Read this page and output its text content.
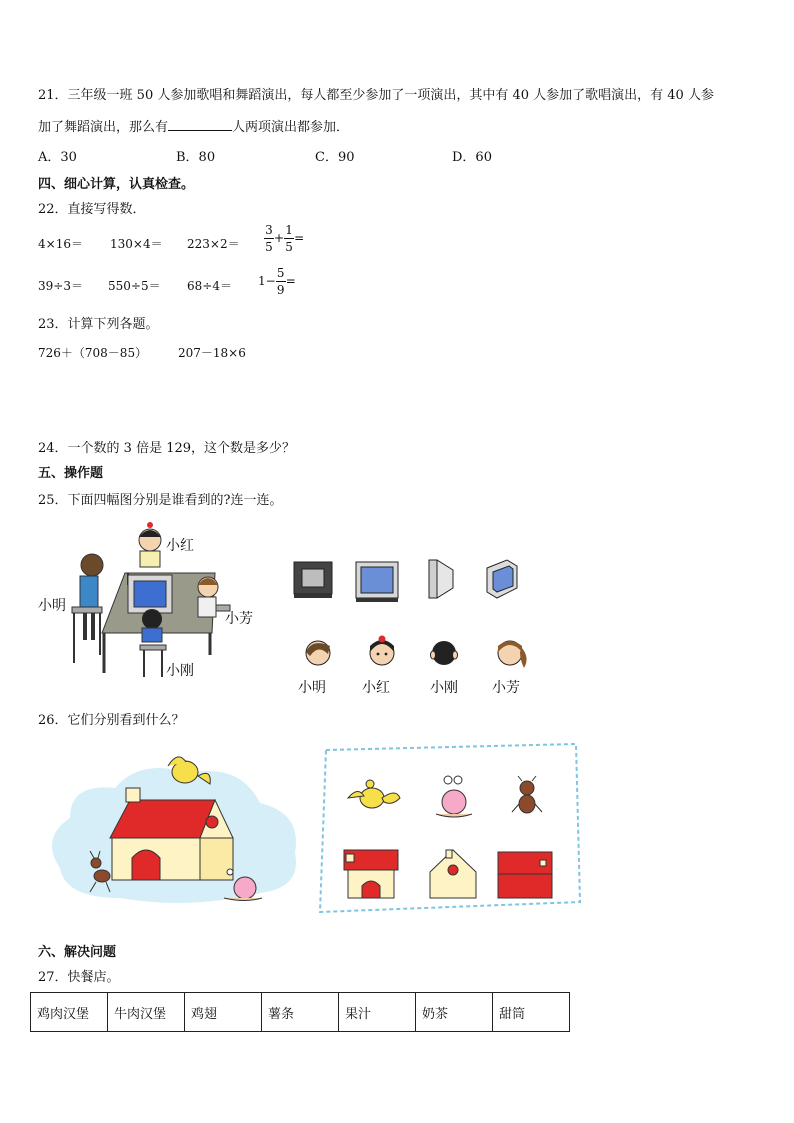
21．三年级一班 50 人参加歌唱和舞蹈演出，每人都至少参加了一项演出，其中有 40 人参加了歌唱演出，有 40 人参
加了舞蹈演出，那么有	人两项演出都参加．
A．30	B．80	C．90	D．60
四、细心计算，认真检查。
22．直接写得数．
$4\times 16= 130\times 4= 223\times 2= \frac{3}{5} + \frac{1}{5}$ =
$39\div 3= 550\div 5= 68\div 4= 1- \frac{5}{9}$ =
23．计算下列各题。
726＋（708－85）	207－18×6
24．一个数的 3 倍是 129，这个数是多少？
五、操作题
25．下面四幅图分别是谁看到的?连一连。
小红
小明
小芳
小刚
小明	小红	小刚 小芳
26．它们分别看到什么？
六、解决问题
27．快餐店。
鸡肉汉堡	牛肉汉堡	鸡翅	薯条	果汁	奶茶	甜筒
